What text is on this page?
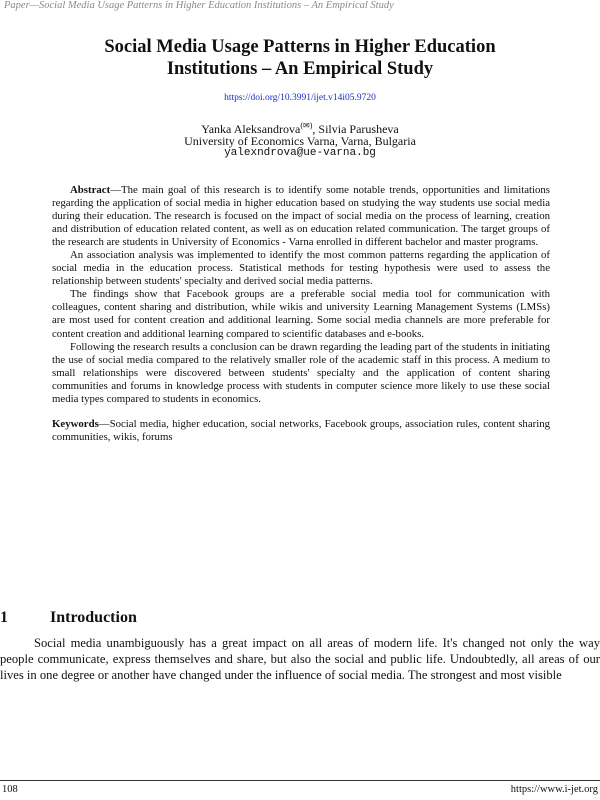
Paper—Social Media Usage Patterns in Higher Education Institutions – An Empirical Study
Social Media Usage Patterns in Higher Education
Institutions – An Empirical Study
https://doi.org/10.3991/ijet.v14i05.9720
Yanka Aleksandrova(✉), Silvia Parusheva
University of Economics Varna, Varna, Bulgaria
yalexndrova@ue-varna.bg

Abstract—The main goal of this research is to identify some notable trends, opportunities and limitations regarding the application of social media in higher education based on studying the way students use social media during their education. The research is focused on the impact of social media on the process of learning, creation and distribution of education related content, as well as on education related communication. The target groups of the research are students in University of Economics - Varna enrolled in different bachelor and master programs.

An association analysis was implemented to identify the most common patterns regarding the application of social media in the education process. Statistical methods for testing hypothesis were used to assess the relationship between students' specialty and derived social media patterns.

The findings show that Facebook groups are a preferable social media tool for communication with colleagues, content sharing and distribution, while wikis and university Learning Management Systems (LMSs) are most used for content creation and additional learning. Some social media channels are more preferable for content creation and additional learning compared to scientific databases and e-books.

Following the research results a conclusion can be drawn regarding the leading part of the students in initiating the use of social media compared to the relatively smaller role of the academic staff in this process. A medium to small relationships were discovered between students' specialty and the application of content sharing communities and forums in knowledge process with students in computer science more likely to use these social media types compared to students in economics.

Keywords—Social media, higher education, social networks, Facebook groups, association rules, content sharing communities, wikis, forums

1	Introduction

Social media unambiguously has a great impact on all areas of modern life. It's changed not only the way people communicate, express themselves and share, but also the social and public life. Undoubtedly, all areas of our lives in one degree or another have changed under the influence of social media. The strongest and most visible

108	https://www.i-jet.org
